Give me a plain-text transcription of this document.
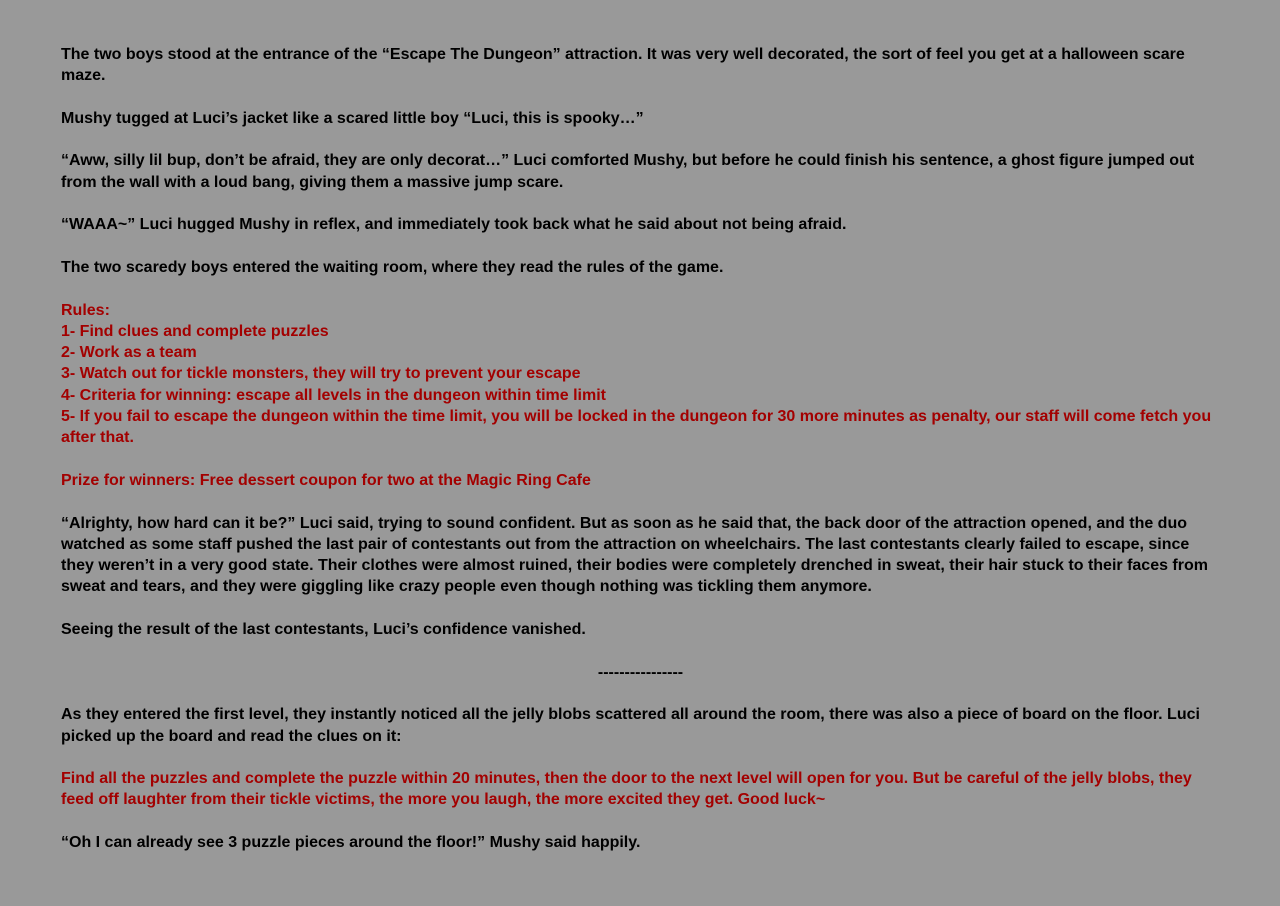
The two boys stood at the entrance of the “Escape The Dungeon” attraction. It was very well decorated, the sort of feel you get at a halloween scare maze.

Mushy tugged at Luci’s jacket like a scared little boy “Luci, this is spooky…”

“Aww, silly lil bup, don’t be afraid, they are only decorat…” Luci comforted Mushy, but before he could finish his sentence, a ghost figure jumped out from the wall with a loud bang, giving them a massive jump scare.

“WAAA~” Luci hugged Mushy in reflex, and immediately took back what he said about not being afraid.

The two scaredy boys entered the waiting room, where they read the rules of the game.

Rules:
1- Find clues and complete puzzles
2- Work as a team
3- Watch out for tickle monsters, they will try to prevent your escape
4- Criteria for winning: escape all levels in the dungeon within time limit
5- If you fail to escape the dungeon within the time limit, you will be locked in the dungeon for 30 more minutes as penalty, our staff will come fetch you after that.

Prize for winners: Free dessert coupon for two at the Magic Ring Cafe

“Alrighty, how hard can it be?” Luci said, trying to sound confident. But as soon as he said that, the back door of the attraction opened, and the duo watched as some staff pushed the last pair of contestants out from the attraction on wheelchairs. The last contestants clearly failed to escape, since they weren’t in a very good state. Their clothes were almost ruined, their bodies were completely drenched in sweat, their hair stuck to their faces from sweat and tears, and they were giggling like crazy people even though nothing was tickling them anymore.

Seeing the result of the last contestants, Luci’s confidence vanished.

----------------

As they entered the first level, they instantly noticed all the jelly blobs scattered all around the room, there was also a piece of board on the floor. Luci picked up the board and read the clues on it:

Find all the puzzles and complete the puzzle within 20 minutes, then the door to the next level will open for you. But be careful of the jelly blobs, they feed off laughter from their tickle victims, the more you laugh, the more excited they get. Good luck~

“Oh I can already see 3 puzzle pieces around the floor!” Mushy said happily.
